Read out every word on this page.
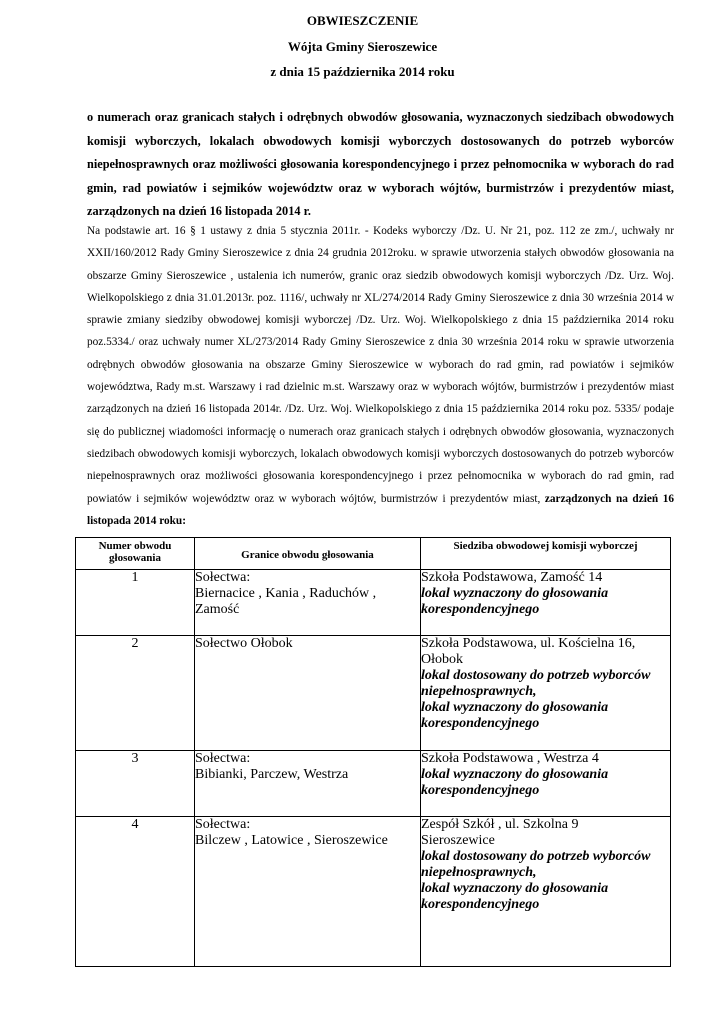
OBWIESZCZENIE
Wójta Gminy Sieroszewice
z dnia 15 października 2014 roku
o numerach oraz granicach stałych i odrębnych obwodów głosowania, wyznaczonych siedzibach obwodowych komisji wyborczych, lokalach obwodowych komisji wyborczych dostosowanych do potrzeb wyborców niepełnosprawnych oraz możliwości głosowania korespondencyjnego i przez pełnomocnika w wyborach do rad gmin, rad powiatów i sejmików województw oraz w wyborach wójtów, burmistrzów i prezydentów miast, zarządzonych na dzień 16 listopada 2014 r.
Na podstawie art. 16 § 1 ustawy z dnia 5 stycznia 2011r. - Kodeks wyborczy /Dz. U. Nr 21, poz. 112 ze zm./, uchwały nr XXII/160/2012 Rady Gminy Sieroszewice z dnia 24 grudnia 2012roku. w sprawie utworzenia stałych obwodów głosowania na obszarze Gminy Sieroszewice , ustalenia ich numerów, granic oraz siedzib obwodowych komisji wyborczych /Dz. Urz. Woj. Wielkopolskiego z dnia 31.01.2013r. poz. 1116/, uchwały nr XL/274/2014 Rady Gminy Sieroszewice z dnia 30 września 2014 w sprawie zmiany siedziby obwodowej komisji wyborczej /Dz. Urz. Woj. Wielkopolskiego z dnia 15 października 2014 roku poz.5334./ oraz uchwały numer XL/273/2014 Rady Gminy Sieroszewice z dnia 30 września 2014 roku w sprawie utworzenia odrębnych obwodów głosowania na obszarze Gminy Sieroszewice w wyborach do rad gmin, rad powiatów i sejmików województwa, Rady m.st. Warszawy i rad dzielnic m.st. Warszawy oraz w wyborach wójtów, burmistrzów i prezydentów miast zarządzonych na dzień 16 listopada 2014r. /Dz. Urz. Woj. Wielkopolskiego z dnia 15 października 2014 roku poz. 5335/ podaje się do publicznej wiadomości informację o numerach oraz granicach stałych i odrębnych obwodów głosowania, wyznaczonych siedzibach obwodowych komisji wyborczych, lokalach obwodowych komisji wyborczych dostosowanych do potrzeb wyborców niepełnosprawnych oraz możliwości głosowania korespondencyjnego i przez pełnomocnika w wyborach do rad gmin, rad powiatów i sejmików województw oraz w wyborach wójtów, burmistrzów i prezydentów miast, zarządzonych na dzień 16 listopada 2014 roku:
Numer obwodu głosowania	Granice obwodu głosowania	Siedziba obwodowej komisji wyborczej
1	Sołectwa:
Biernacice , Kania , Raduchów ,
Zamość	Szkoła Podstawowa, Zamość 14
lokal wyznaczony do głosowania korespondencyjnego

2	Sołectwo Ołobok	Szkoła Podstawowa, ul. Kościelna 16, Ołobok
lokal dostosowany do potrzeb wyborców niepełnosprawnych,
lokal wyznaczony do głosowania korespondencyjnego

3	Sołectwa:
Bibianki, Parczew, Westrza	Szkoła Podstawowa , Westrza 4
lokal wyznaczony do głosowania korespondencyjnego

4	Sołectwa:
Bilczew , Latowice , Sieroszewice	Zespół Szkół , ul. Szkolna 9
Sieroszewice
lokal dostosowany do potrzeb wyborców niepełnosprawnych,
lokal wyznaczony do głosowania korespondencyjnego
